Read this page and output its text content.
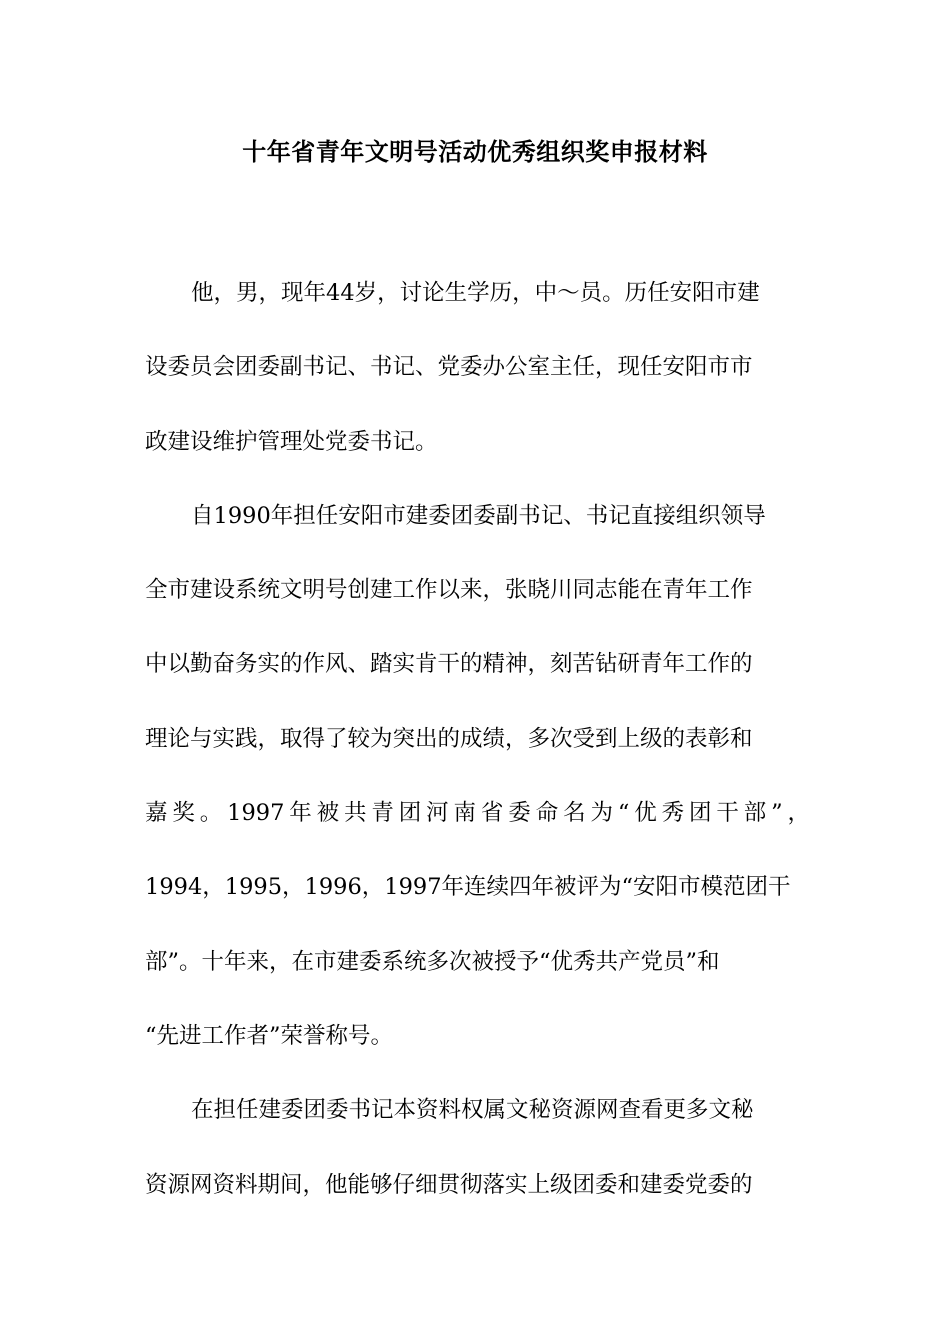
十年省青年文明号活动优秀组织奖申报材料
他，男，现年44岁，讨论生学历，中～员。历任安阳市建
设委员会团委副书记、书记、党委办公室主任，现任安阳市市
政建设维护管理处党委书记。
自1990年担任安阳市建委团委副书记、书记直接组织领导
全市建设系统文明号创建工作以来，张晓川同志能在青年工作
中以勤奋务实的作风、踏实肯干的精神，刻苦钻研青年工作的
理论与实践，取得了较为突出的成绩，多次受到上级的表彰和
嘉奖。1997年被共青团河南省委命名为“优秀团干部”，
1994，1995，1996，1997年连续四年被评为“安阳市模范团干
部”。十年来，在市建委系统多次被授予“优秀共产党员”和
“先进工作者”荣誉称号。
在担任建委团委书记本资料权属文秘资源网查看更多文秘
资源网资料期间，他能够仔细贯彻落实上级团委和建委党委的
